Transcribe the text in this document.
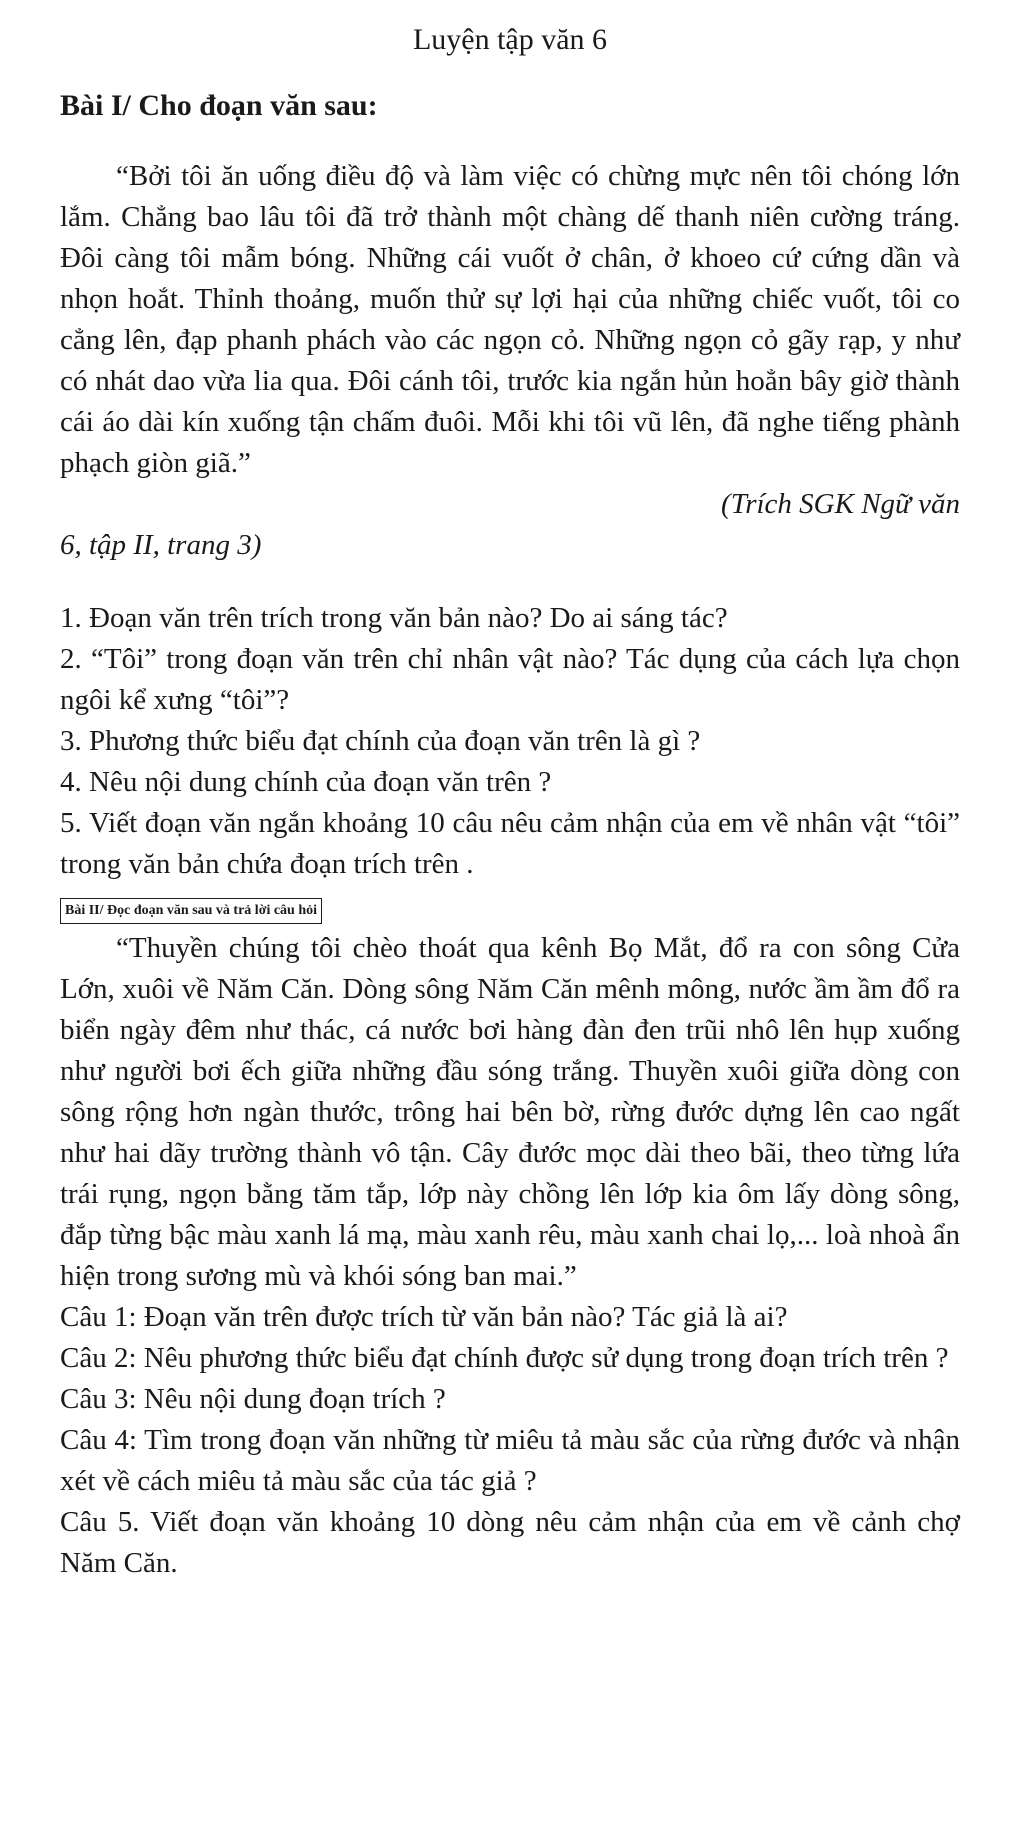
Luyện tập văn 6
Bài I/ Cho đoạn văn sau:

“Bởi tôi ăn uống điều độ và làm việc có chừng mực nên tôi chóng lớn lắm. Chẳng bao lâu tôi đã trở thành một chàng dế thanh niên cường tráng. Đôi càng tôi mẫm bóng. Những cái vuốt ở chân, ở khoeo cứ cứng dần và nhọn hoắt. Thỉnh thoảng, muốn thử sự lợi hại của những chiếc vuốt, tôi co cẳng lên, đạp phanh phách vào các ngọn cỏ. Những ngọn cỏ gãy rạp, y như có nhát dao vừa lia qua. Đôi cánh tôi, trước kia ngắn hủn hoẳn bây giờ thành cái áo dài kín xuống tận chấm đuôi. Mỗi khi tôi vũ lên, đã nghe tiếng phành phạch giòn giã.”

(Trích SGK Ngữ văn

6, tập II, trang 3)

1. Đoạn văn trên trích trong văn bản nào? Do ai sáng tác?

2. “Tôi” trong đoạn văn trên chỉ nhân vật nào? Tác dụng của cách lựa chọn ngôi kể xưng “tôi”?

3. Phương thức biểu đạt chính của đoạn văn trên là gì ?

4. Nêu nội dung chính của đoạn văn trên ?

5. Viết đoạn văn ngắn khoảng 10 câu nêu cảm nhận của em về nhân vật “tôi” trong văn bản chứa đoạn trích trên .

Bài II/ Đọc đoạn văn sau và trả lời câu hỏi

“Thuyền chúng tôi chèo thoát qua kênh Bọ Mắt, đổ ra con sông Cửa Lớn, xuôi về Năm Căn. Dòng sông Năm Căn mênh mông, nước ầm ầm đổ ra biển ngày đêm như thác, cá nước bơi hàng đàn đen trũi nhô lên hụp xuống như người bơi ếch giữa những đầu sóng trắng. Thuyền xuôi giữa dòng con sông rộng hơn ngàn thước, trông hai bên bờ, rừng đước dựng lên cao ngất như hai dãy trường thành vô tận. Cây đước mọc dài theo bãi, theo từng lứa trái rụng, ngọn bằng tăm tắp, lớp này chồng lên lớp kia ôm lấy dòng sông, đắp từng bậc màu xanh lá mạ, màu xanh rêu, màu xanh chai lọ,... loà nhoà ẩn hiện trong sương mù và khói sóng ban mai.”

Câu 1: Đoạn văn trên được trích từ văn bản nào? Tác giả là ai?

Câu 2: Nêu phương thức biểu đạt chính được sử dụng trong đoạn trích trên ?

Câu 3: Nêu nội dung đoạn trích ?

Câu 4: Tìm trong đoạn văn những từ miêu tả màu sắc của rừng đước và nhận xét về cách miêu tả màu sắc của tác giả ?

Câu 5. Viết đoạn văn khoảng 10 dòng nêu cảm nhận của em về cảnh chợ Năm Căn.
